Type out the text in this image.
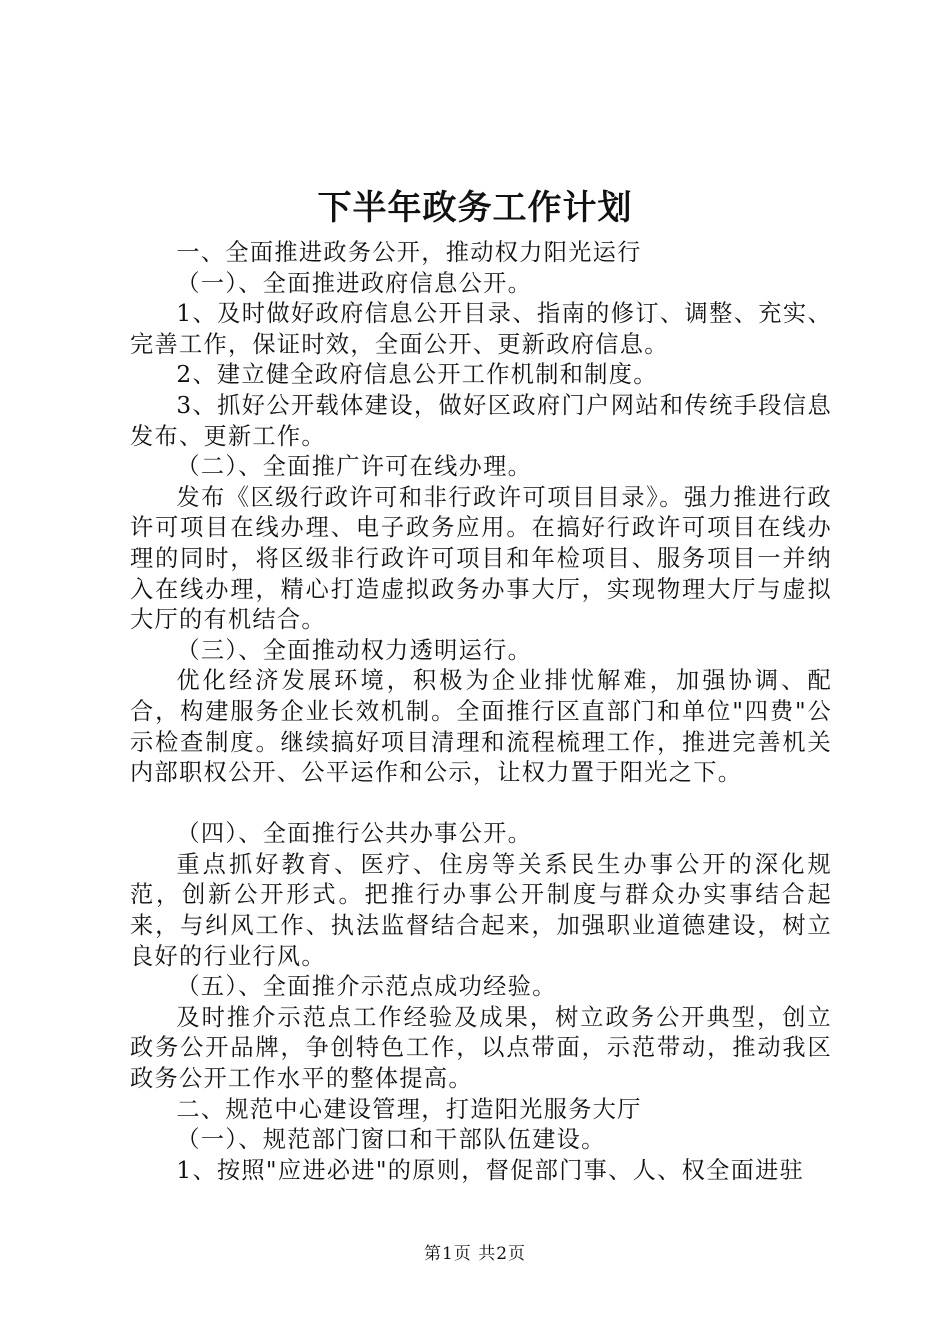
下半年政务工作计划

一、全面推进政务公开，推动权力阳光运行

（一）、全面推进政府信息公开。

1、及时做好政府信息公开目录、指南的修订、调整、充实、完善工作，保证时效，全面公开、更新政府信息。

2、建立健全政府信息公开工作机制和制度。

3、抓好公开载体建设，做好区政府门户网站和传统手段信息发布、更新工作。

（二）、全面推广许可在线办理。

发布《区级行政许可和非行政许可项目目录》。强力推进行政许可项目在线办理、电子政务应用。在搞好行政许可项目在线办理的同时，将区级非行政许可项目和年检项目、服务项目一并纳入在线办理，精心打造虚拟政务办事大厅，实现物理大厅与虚拟大厅的有机结合。

（三）、全面推动权力透明运行。

优化经济发展环境，积极为企业排忧解难，加强协调、配合，构建服务企业长效机制。全面推行区直部门和单位"四费"公示检查制度。继续搞好项目清理和流程梳理工作，推进完善机关内部职权公开、公平运作和公示，让权力置于阳光之下。

（四）、全面推行公共办事公开。

重点抓好教育、医疗、住房等关系民生办事公开的深化规范，创新公开形式。把推行办事公开制度与群众办实事结合起来，与纠风工作、执法监督结合起来，加强职业道德建设，树立良好的行业行风。

（五）、全面推介示范点成功经验。

及时推介示范点工作经验及成果，树立政务公开典型，创立政务公开品牌，争创特色工作，以点带面，示范带动，推动我区政务公开工作水平的整体提高。

二、规范中心建设管理，打造阳光服务大厅

（一）、规范部门窗口和干部队伍建设。

1、按照"应进必进"的原则，督促部门事、人、权全面进驻

第1页 共2页
